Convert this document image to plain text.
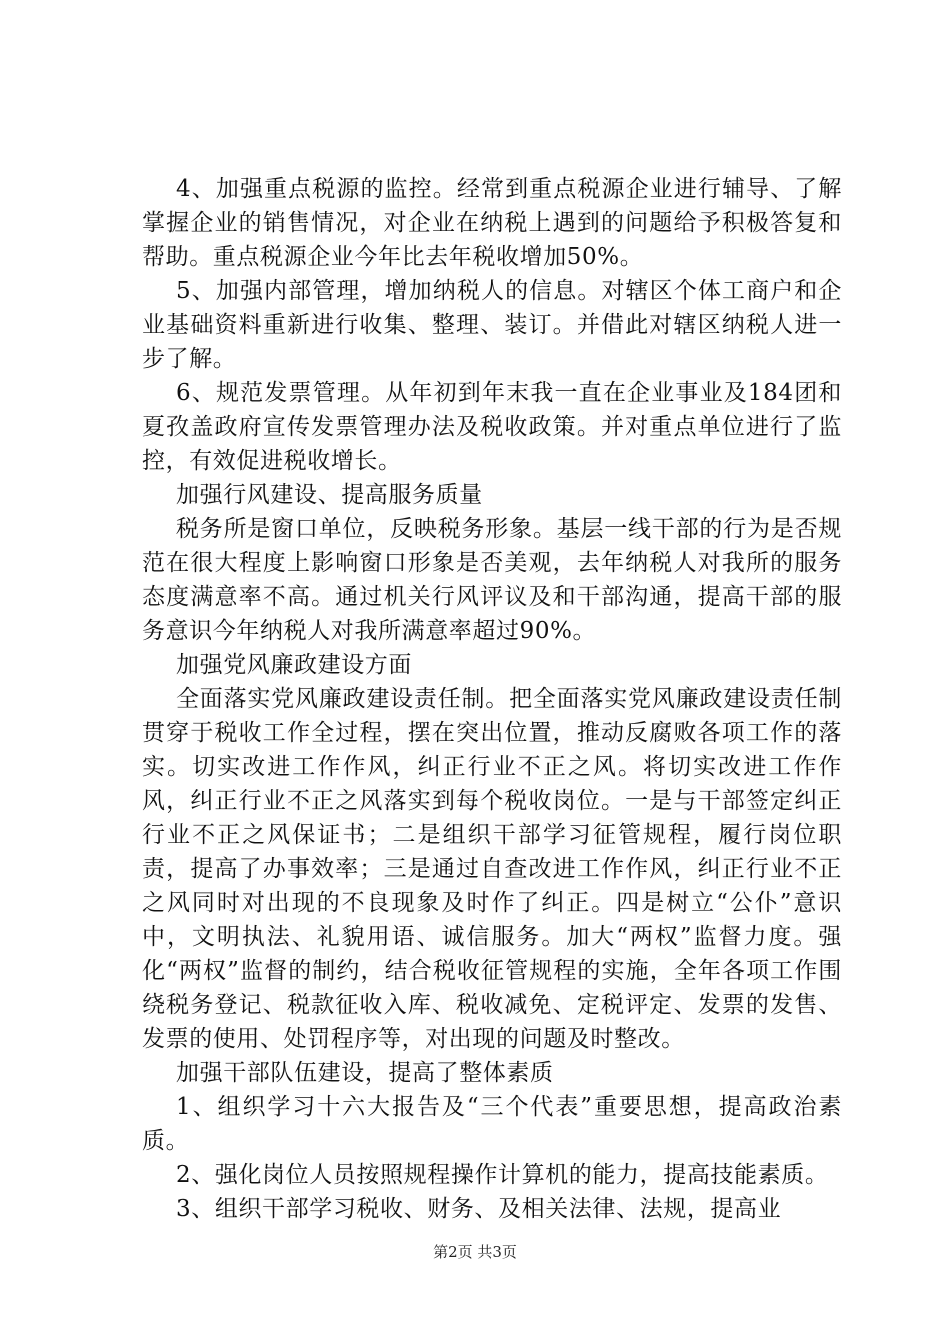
4、加强重点税源的监控。经常到重点税源企业进行辅导、了解掌握企业的销售情况，对企业在纳税上遇到的问题给予积极答复和帮助。重点税源企业今年比去年税收增加50%。

5、加强内部管理，增加纳税人的信息。对辖区个体工商户和企业基础资料重新进行收集、整理、装订。并借此对辖区纳税人进一步了解。

6、规范发票管理。从年初到年末我一直在企业事业及184团和夏孜盖政府宣传发票管理办法及税收政策。并对重点单位进行了监控，有效促进税收增长。

加强行风建设、提高服务质量

税务所是窗口单位，反映税务形象。基层一线干部的行为是否规范在很大程度上影响窗口形象是否美观，去年纳税人对我所的服务态度满意率不高。通过机关行风评议及和干部沟通，提高干部的服务意识今年纳税人对我所满意率超过90%。

加强党风廉政建设方面

全面落实党风廉政建设责任制。把全面落实党风廉政建设责任制贯穿于税收工作全过程，摆在突出位置，推动反腐败各项工作的落实。切实改进工作作风，纠正行业不正之风。将切实改进工作作风，纠正行业不正之风落实到每个税收岗位。一是与干部签定纠正行业不正之风保证书；二是组织干部学习征管规程，履行岗位职责，提高了办事效率；三是通过自查改进工作作风，纠正行业不正之风同时对出现的不良现象及时作了纠正。四是树立“公仆”意识中，文明执法、礼貌用语、诚信服务。加大“两权”监督力度。强化“两权”监督的制约，结合税收征管规程的实施，全年各项工作围绕税务登记、税款征收入库、税收减免、定税评定、发票的发售、发票的使用、处罚程序等，对出现的问题及时整改。

加强干部队伍建设，提高了整体素质

1、组织学习十六大报告及“三个代表”重要思想，提高政治素质。

2、强化岗位人员按照规程操作计算机的能力，提高技能素质。

3、组织干部学习税收、财务、及相关法律、法规，提高业

第2页 共3页
